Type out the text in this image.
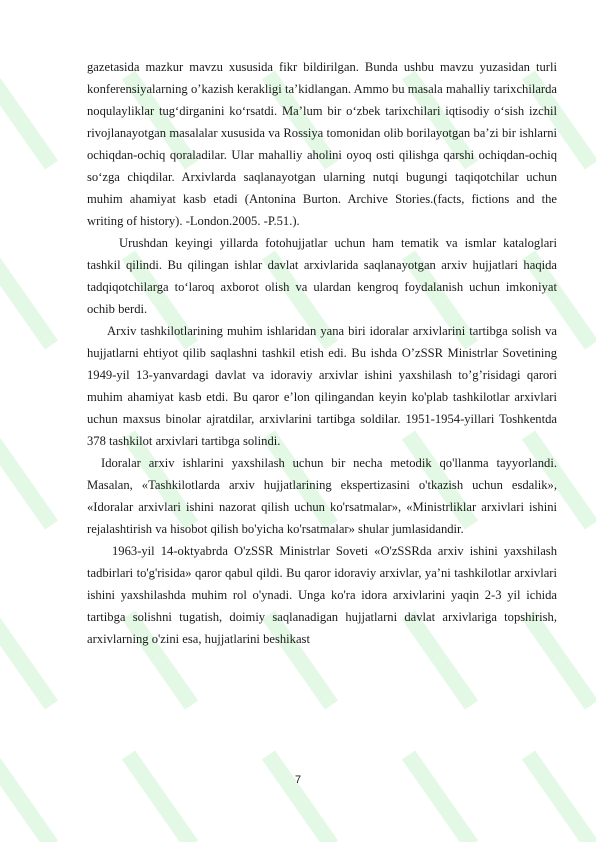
gazetasida mazkur mavzu xususida fikr bildirilgan. Bunda ushbu mavzu yuzasidan turli konferensiyalarning o’kazish kerakligi ta’kidlangan. Ammo bu masala mahalliy tarixchilarda noqulayliklar tug‘dirganini ko‘rsatdi. Ma’lum bir o‘zbek tarixchilari iqtisodiy o‘sish izchil rivojlanayotgan masalalar xususida va Rossiya tomonidan olib borilayotgan ba’zi bir ishlarni ochiqdan-ochiq qoraladilar. Ular mahalliy aholini oyoq osti qilishga qarshi ochiqdan-ochiq so‘zga chiqdilar. Arxivlarda saqlanayotgan ularning nutqi bugungi taqiqotchilar uchun muhim ahamiyat kasb etadi (Antonina Burton. Archive Stories.(facts, fictions and the writing of history). -London.2005. -P.51.).

Urushdan keyingi yillarda fotohujjatlar uchun ham tematik va ismlar kataloglari tashkil qilindi. Bu qilingan ishlar davlat arxivlarida saqlanayotgan arxiv hujjatlari haqida tadqiqotchilarga to‘laroq axborot olish va ulardan kengroq foydalanish uchun imkoniyat ochib berdi.

Arxiv tashkilotlarining muhim ishlaridan yana biri idoralar arxivlarini tartibga solish va hujjatlarni ehtiyot qilib saqlashni tashkil etish edi. Bu ishda O’zSSR Ministrlar Sovetining 1949-yil 13-yanvardagi davlat va idoraviy arxivlar ishini yaxshilash to’g’risidagi qarori muhim ahamiyat kasb etdi. Bu qaror e’lon qilingandan keyin ko'plab tashkilotlar arxivlari uchun maxsus binolar ajratdilar, arxivlarini tartibga soldilar. 1951-1954-yillari Toshkentda 378 tashkilot arxivlari tartibga solindi.

Idoralar arxiv ishlarini yaxshilash uchun bir necha metodik qo'llanma tayyorlandi. Masalan, «Tashkilotlarda arxiv hujjatlarining ekspertizasini o'tkazish uchun esdalik», «Idoralar arxivlari ishini nazorat qilish uchun ko'rsatmalar», «Ministrliklar arxivlari ishini rejalashtirish va hisobot qilish bo'yicha ko'rsatmalar» shular jumlasidandir.

1963-yil 14-oktyabrda O'zSSR Ministrlar Soveti «O'zSSRda arxiv ishini yaxshilash tadbirlari to'g'risida» qaror qabul qildi. Bu qaror idoraviy arxivlar, ya’ni tashkilotlar arxivlari ishini yaxshilashda muhim rol o'ynadi. Unga ko'ra idora arxivlarini yaqin 2-3 yil ichida tartibga solishni tugatish, doimiy saqlanadigan hujjatlarni davlat arxivlariga topshirish, arxivlarning o'zini esa, hujjatlarini beshikast

7
